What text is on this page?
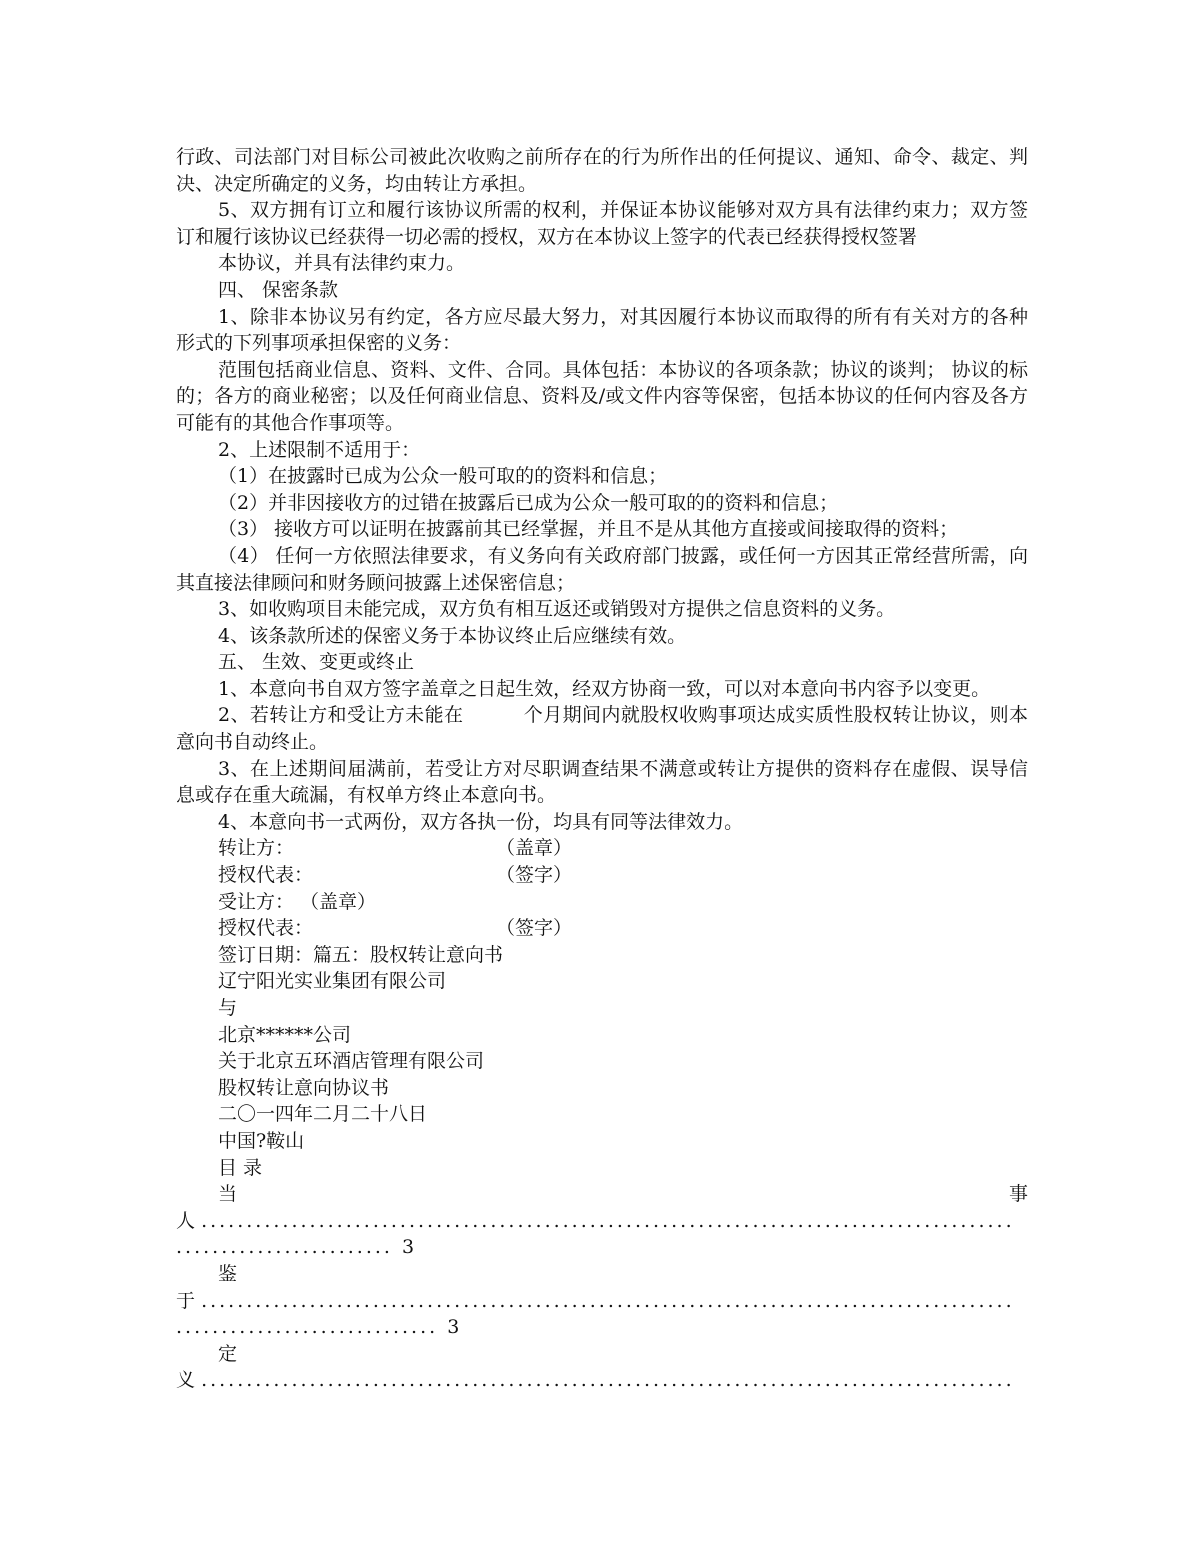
行政、司法部门对目标公司被此次收购之前所存在的行为所作出的任何提议、通知、命令、裁定、判决、决定所确定的义务，均由转让方承担。

5、双方拥有订立和履行该协议所需的权利，并保证本协议能够对双方具有法律约束力；双方签订和履行该协议已经获得一切必需的授权，双方在本协议上签字的代表已经获得授权签署

本协议，并具有法律约束力。

四、 保密条款

1、除非本协议另有约定，各方应尽最大努力，对其因履行本协议而取得的所有有关对方的各种形式的下列事项承担保密的义务：

范围包括商业信息、资料、文件、合同。具体包括：本协议的各项条款；协议的谈判； 协议的标的；各方的商业秘密；以及任何商业信息、资料及/或文件内容等保密，包括本协议的任何内容及各方可能有的其他合作事项等。

2、上述限制不适用于：

（1）在披露时已成为公众一般可取的的资料和信息；

（2）并非因接收方的过错在披露后已成为公众一般可取的的资料和信息；

（3） 接收方可以证明在披露前其已经掌握，并且不是从其他方直接或间接取得的资料；

（4） 任何一方依照法律要求，有义务向有关政府部门披露，或任何一方因其正常经营所需，向其直接法律顾问和财务顾问披露上述保密信息；

3、如收购项目未能完成，双方负有相互返还或销毁对方提供之信息资料的义务。

4、该条款所述的保密义务于本协议终止后应继续有效。

五、 生效、变更或终止

1、本意向书自双方签字盖章之日起生效，经双方协商一致，可以对本意向书内容予以变更。

2、若转让方和受让方未能在	个月期间内就股权收购事项达成实质性股权转让协议，则本意向书自动终止。

3、在上述期间届满前，若受让方对尽职调查结果不满意或转让方提供的资料存在虚假、误导信息或存在重大疏漏，有权单方终止本意向书。

4、本意向书一式两份，双方各执一份，均具有同等法律效力。

转让方：	（盖章）
授权代表：	（签字）

受让方： （盖章）

授权代表：	（签字）

签订日期：篇五：股权转让意向书

辽宁阳光实业集团有限公司

与

北京******公司

关于北京五环酒店管理有限公司

股权转让意向协议书

二〇一四年二月二十八日

中国?鞍山

目 录

当	事
人 ..........................................................................................
........................ 3

鉴

于 ..........................................................................................
............................. 3

定

义 ..........................................................................................
